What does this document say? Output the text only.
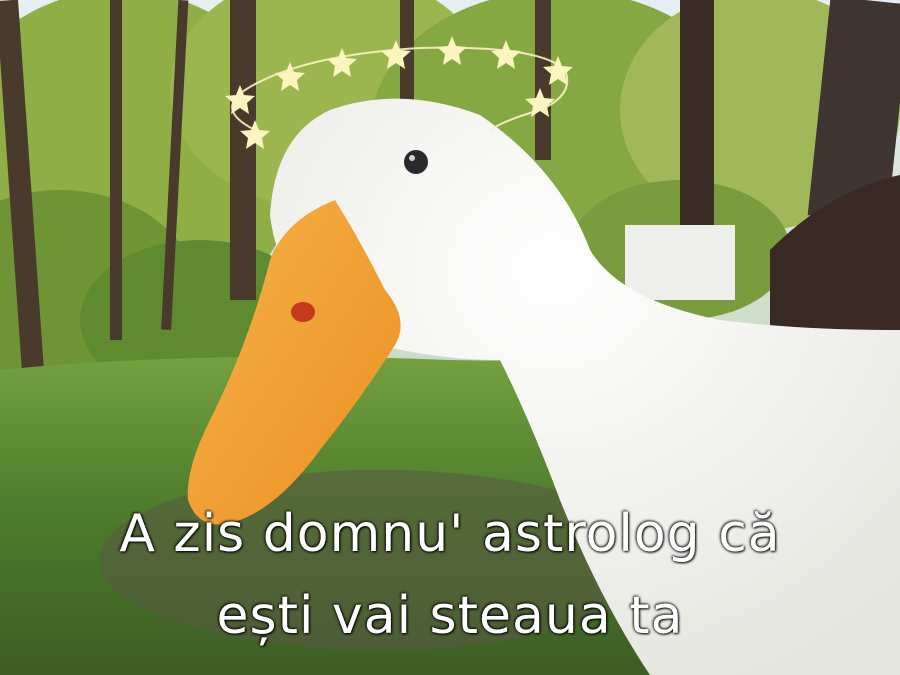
A zis domnu' astrolog că
ești vai steaua ta
